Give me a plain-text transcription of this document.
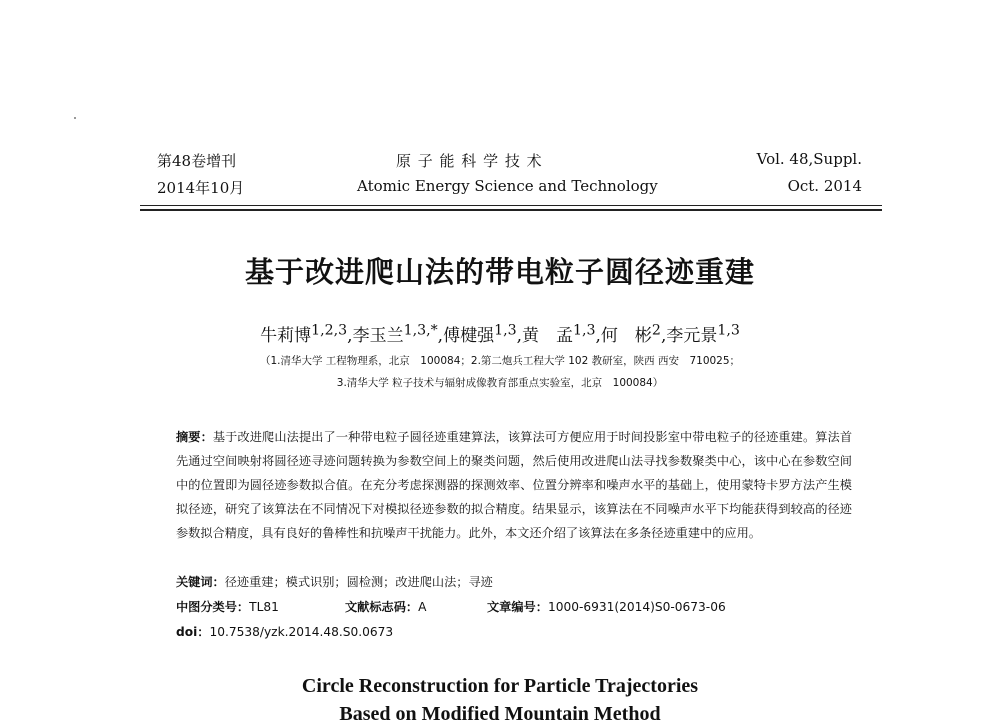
第48卷增刊
2014年10月
原 子 能 科 学 技 术
Atomic Energy Science and Technology
Vol. 48,Suppl.
Oct. 2014
基于改进爬山法的带电粒子圆径迹重建
牛莉博$^{1,2,3}$,李玉兰$^{1,3,*}$,傅楗强$^{1,3}$,黄　孟$^{1,3}$,何　彬$^2$,李元景$^{1,3}$
（1.清华大学 工程物理系，北京　100084；2.第二炮兵工程大学 102 教研室，陕西 西安　710025；
3.清华大学 粒子技术与辐射成像教育部重点实验室，北京　100084）
摘要：基于改进爬山法提出了一种带电粒子圆径迹重建算法，该算法可方便应用于时间投影室中带电粒子的径迹重建。算法首先通过空间映射将圆径迹寻迹问题转换为参数空间上的聚类问题，然后使用改进爬山法寻找参数聚类中心，该中心在参数空间中的位置即为圆径迹参数拟合值。在充分考虑探测器的探测效率、位置分辨率和噪声水平的基础上，使用蒙特卡罗方法产生模拟径迹，研究了该算法在不同情况下对模拟径迹参数的拟合精度。结果显示，该算法在不同噪声水平下均能获得到较高的径迹参数拟合精度，具有良好的鲁棒性和抗噪声干扰能力。此外，本文还介绍了该算法在多条径迹重建中的应用。
关键词：径迹重建；模式识别；圆检测；改进爬山法；寻迹
中图分类号：TL81	文献标志码：A	文章编号：1000-6931(2014)S0-0673-06
doi：10.7538/yzk.2014.48.S0.0673
Circle Reconstruction for Particle Trajectories
Based on Modified Mountain Method
